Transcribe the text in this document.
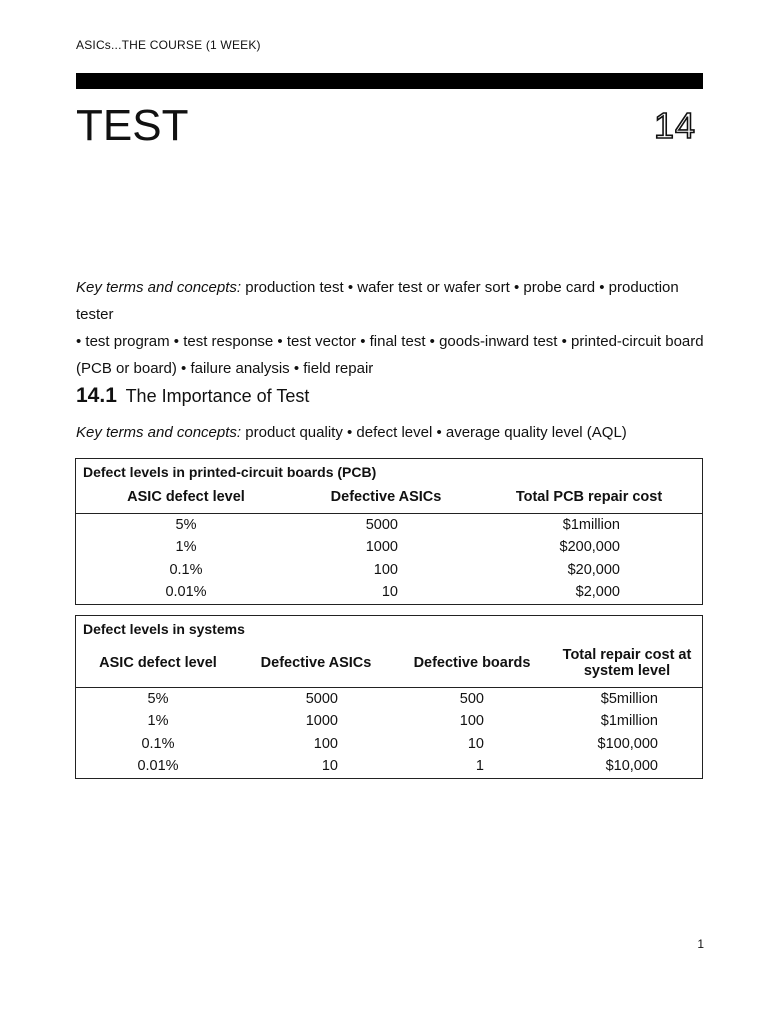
ASICs...THE COURSE (1 WEEK)
TEST	14
Key terms and concepts: production test • wafer test or wafer sort • probe card • production tester
• test program • test response • test vector • final test • goods-inward test • printed-circuit board
(PCB or board) • failure analysis • field repair
14.1 The Importance of Test
Key terms and concepts: product quality • defect level • average quality level (AQL)
Defect levels in printed-circuit boards (PCB)
ASIC defect level	Defective ASICs	Total PCB repair cost
5%	5000	$1million
1%	1000	$200,000
0.1%	100	$20,000
0.01%	10	$2,000
Defect levels in systems
ASIC defect level	Defective ASICs	Defective boards	Total repair cost at system level
5%	5000	500	$5million
1%	1000	100	$1million
0.1%	100	10	$100,000
0.01%	10	1	$10,000
1
